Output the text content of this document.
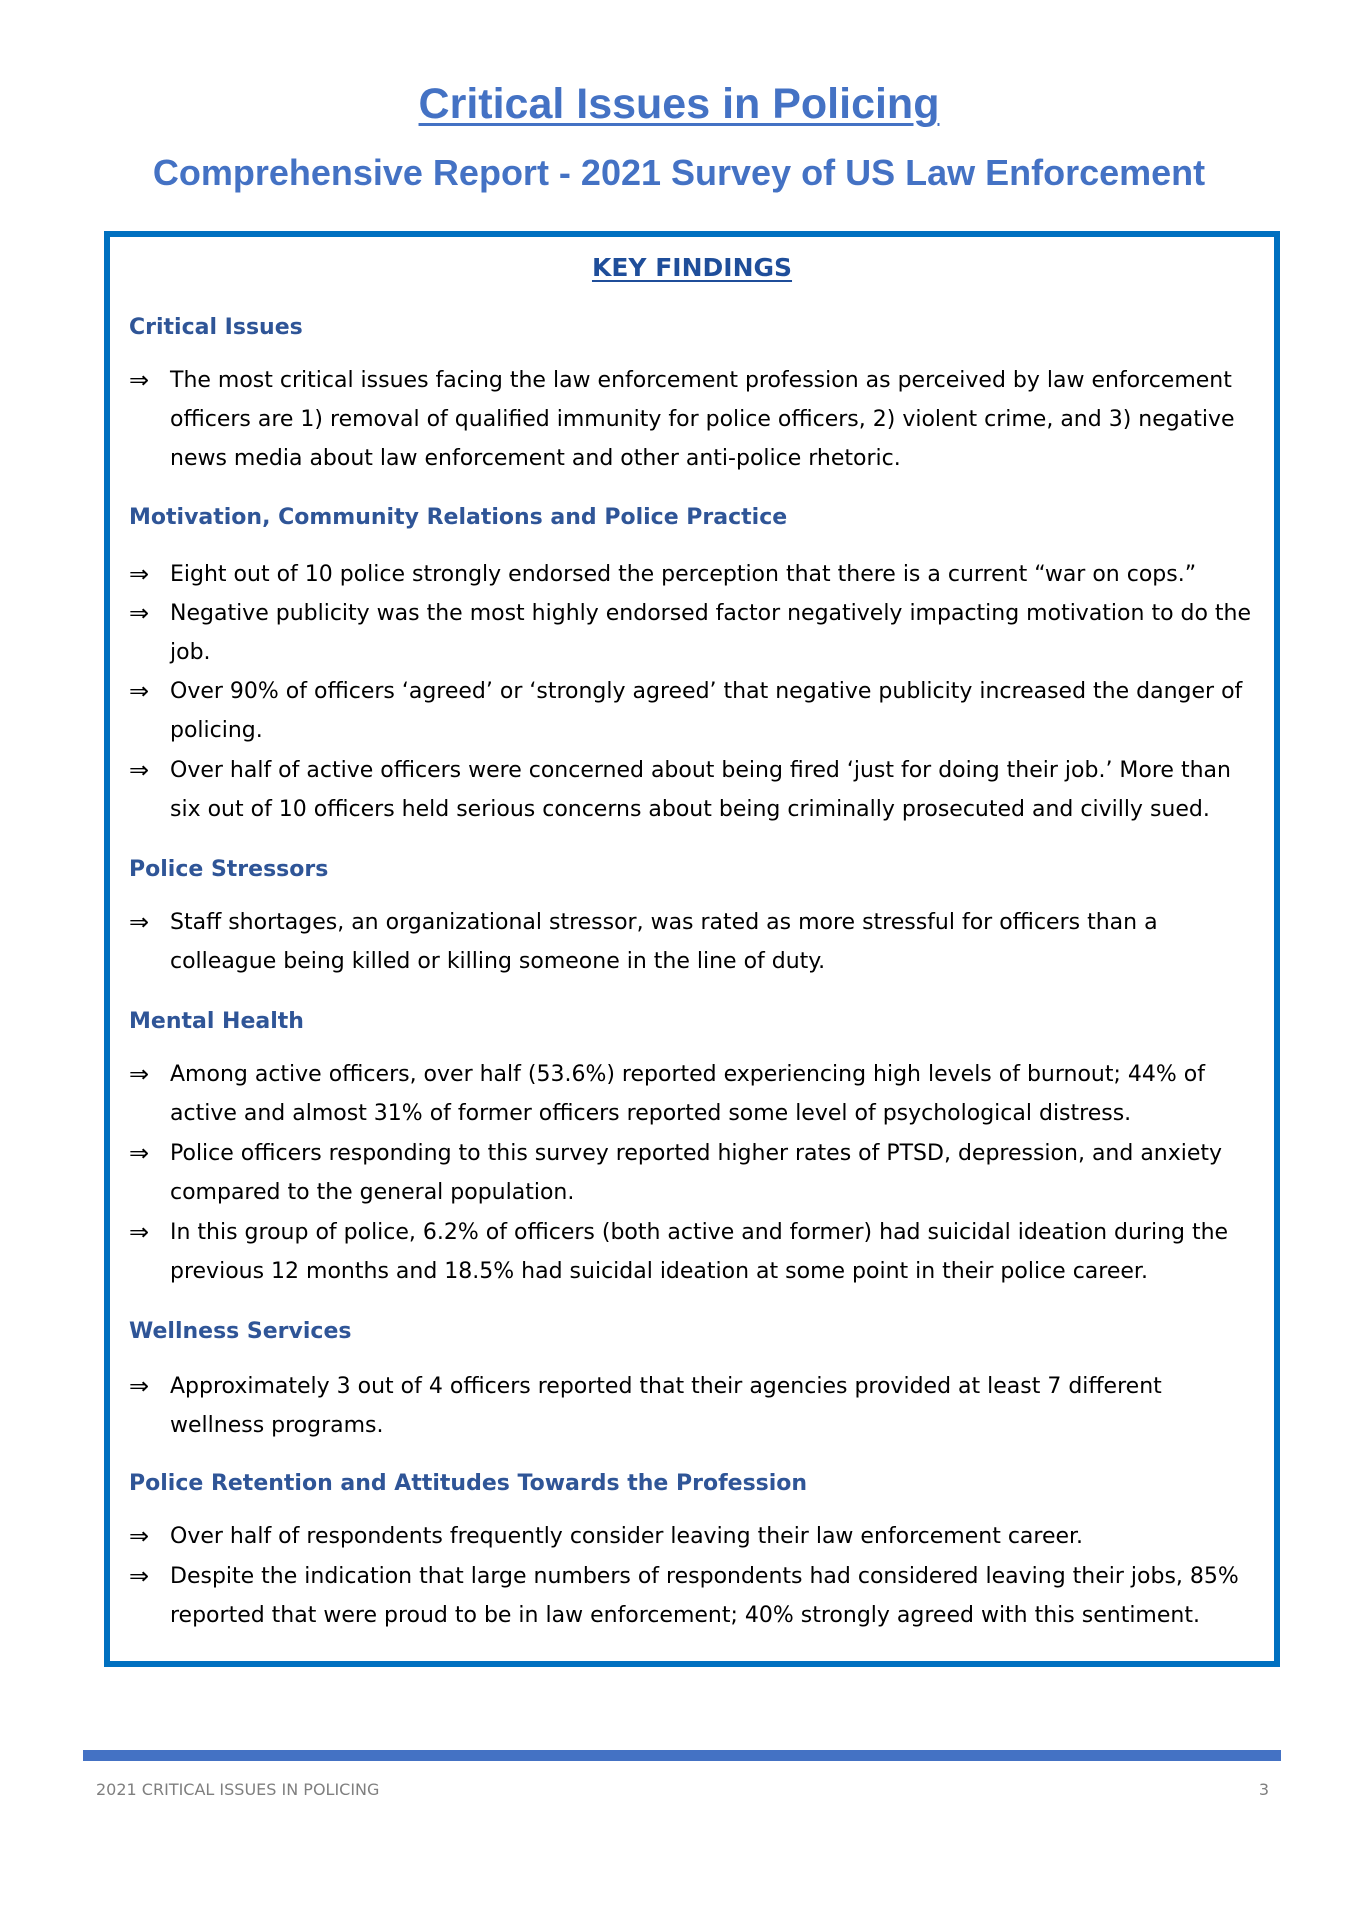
Critical Issues in Policing
Comprehensive Report - 2021 Survey of US Law Enforcement
KEY FINDINGS
Critical Issues
⇒ The most critical issues facing the law enforcement profession as perceived by law enforcement officers are 1) removal of qualified immunity for police officers, 2) violent crime, and 3) negative news media about law enforcement and other anti-police rhetoric.
Motivation, Community Relations and Police Practice
⇒ Eight out of 10 police strongly endorsed the perception that there is a current “war on cops.”
⇒ Negative publicity was the most highly endorsed factor negatively impacting motivation to do the job.
⇒ Over 90% of officers ‘agreed’ or ‘strongly agreed’ that negative publicity increased the danger of policing.
⇒ Over half of active officers were concerned about being fired ‘just for doing their job.’ More than six out of 10 officers held serious concerns about being criminally prosecuted and civilly sued.
Police Stressors
⇒ Staff shortages, an organizational stressor, was rated as more stressful for officers than a colleague being killed or killing someone in the line of duty.
Mental Health
⇒ Among active officers, over half (53.6%) reported experiencing high levels of burnout; 44% of active and almost 31% of former officers reported some level of psychological distress.
⇒ Police officers responding to this survey reported higher rates of PTSD, depression, and anxiety compared to the general population.
⇒ In this group of police, 6.2% of officers (both active and former) had suicidal ideation during the previous 12 months and 18.5% had suicidal ideation at some point in their police career.
Wellness Services
⇒ Approximately 3 out of 4 officers reported that their agencies provided at least 7 different wellness programs.
Police Retention and Attitudes Towards the Profession
⇒ Over half of respondents frequently consider leaving their law enforcement career.
⇒ Despite the indication that large numbers of respondents had considered leaving their jobs, 85% reported that were proud to be in law enforcement; 40% strongly agreed with this sentiment.
2021 CRITICAL ISSUES IN POLICING	3
